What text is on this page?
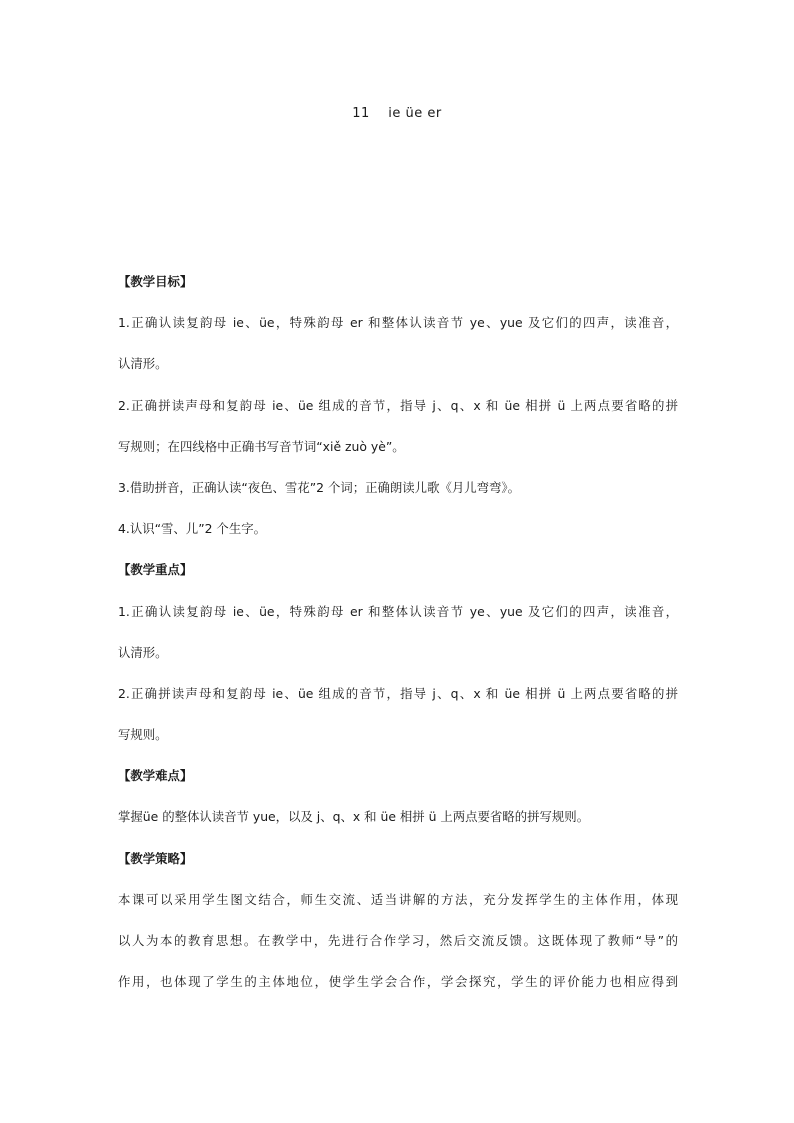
11    ie üe er
【教学目标】
1.正确认读复韵母 ie、üe，特殊韵母 er 和整体认读音节 ye、yue 及它们的四声，读准音，
认清形。
2.正确拼读声母和复韵母 ie、üe 组成的音节，指导 j、q、x 和 üe 相拼 ü 上两点要省略的拼
写规则；在四线格中正确书写音节词“xiě zuò yè”。
3.借助拼音，正确认读“夜色、雪花”2 个词；正确朗读儿歌《月儿弯弯》。
4.认识“雪、儿”2 个生字。
【教学重点】
1.正确认读复韵母 ie、üe，特殊韵母 er 和整体认读音节 ye、yue 及它们的四声，读准音，
认清形。
2.正确拼读声母和复韵母 ie、üe 组成的音节，指导 j、q、x 和 üe 相拼 ü 上两点要省略的拼
写规则。
【教学难点】
掌握üe 的整体认读音节 yue，以及 j、q、x 和 üe 相拼 ü 上两点要省略的拼写规则。
【教学策略】
本课可以采用学生图文结合，师生交流、适当讲解的方法，充分发挥学生的主体作用，体现
以人为本的教育思想。在教学中，先进行合作学习，然后交流反馈。这既体现了教师“导”的
作用，也体现了学生的主体地位，使学生学会合作，学会探究，学生的评价能力也相应得到
